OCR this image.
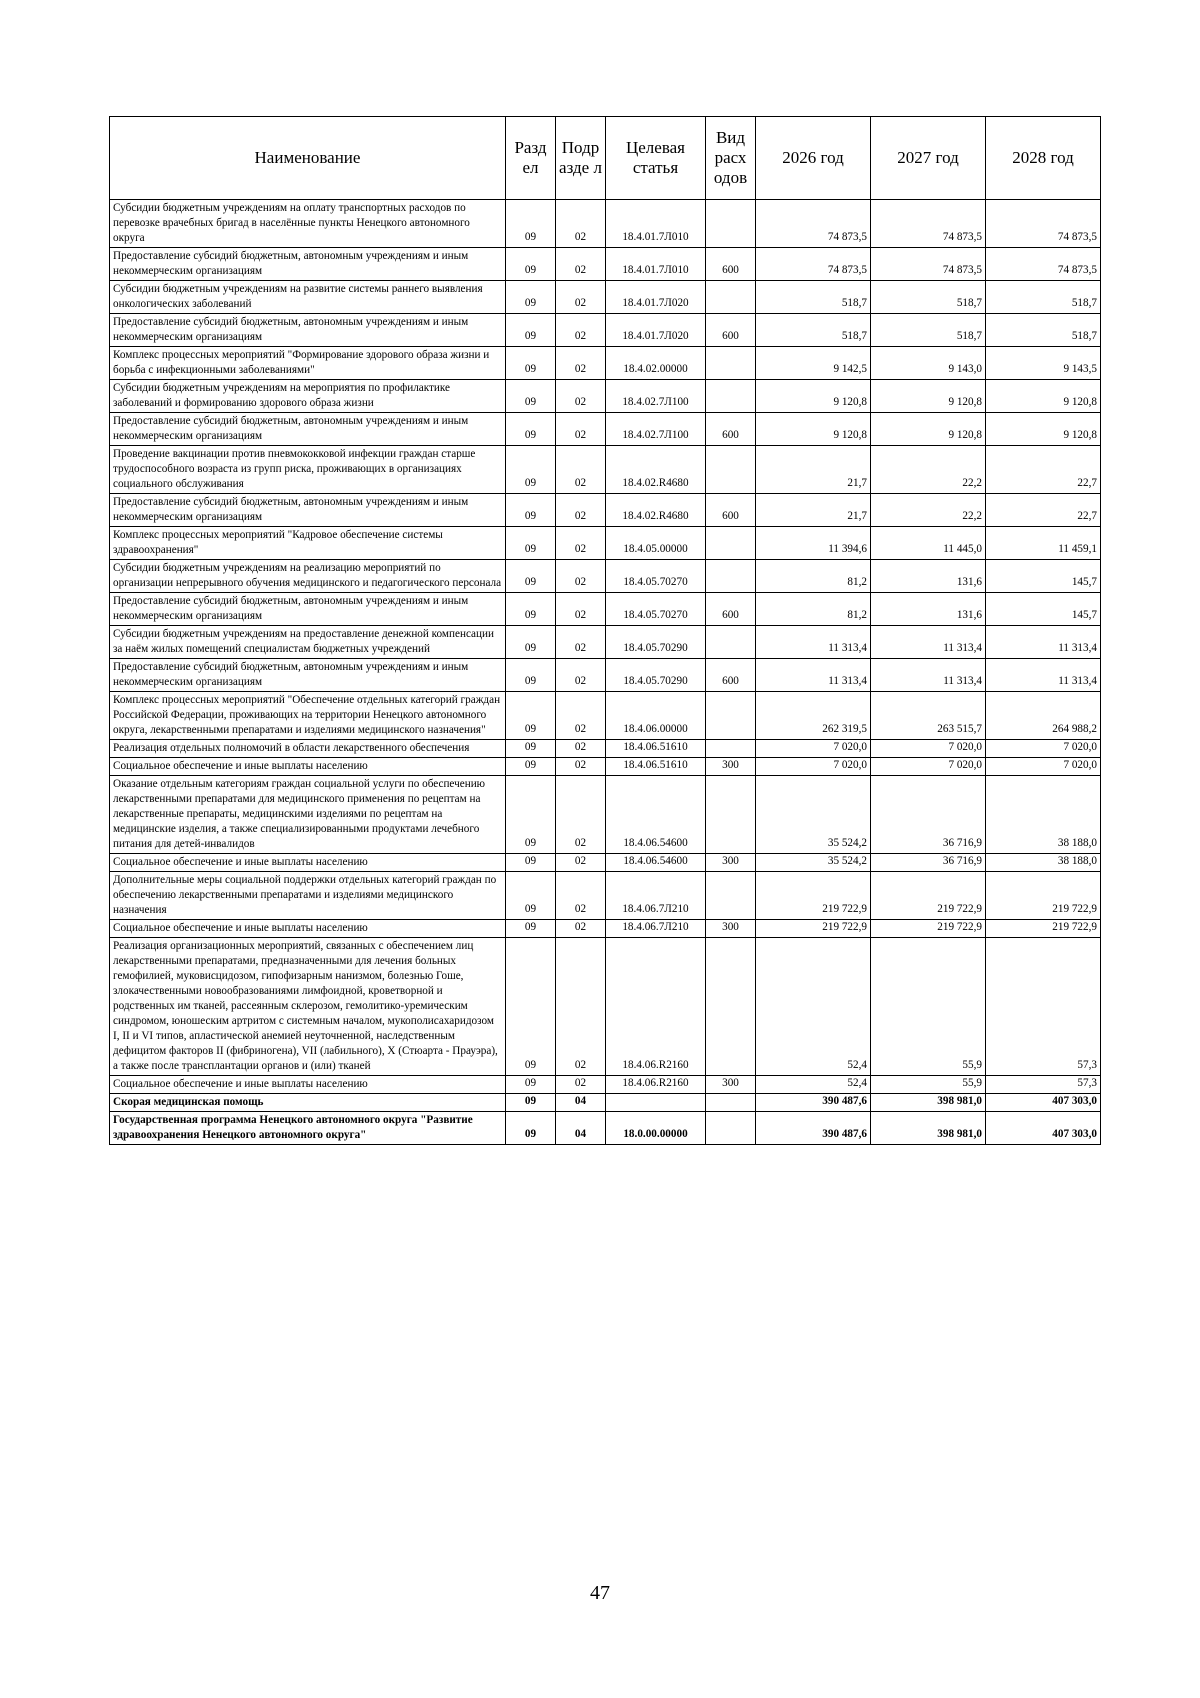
Наименование	Разд ел	Подр азде л	Целевая статья	Вид расх одов	2026 год	2027 год	2028 год
Субсидии бюджетным учреждениям на оплату транспортных расходов по перевозке врачебных бригад в населённые пункты Ненецкого автономного округа	09	02	18.4.01.7Л010		74 873,5	74 873,5	74 873,5
Предоставление субсидий бюджетным, автономным учреждениям и иным некоммерческим организациям	09	02	18.4.01.7Л010	600	74 873,5	74 873,5	74 873,5
Субсидии бюджетным учреждениям на развитие системы раннего выявления онкологических заболеваний	09	02	18.4.01.7Л020		518,7	518,7	518,7
Предоставление субсидий бюджетным, автономным учреждениям и иным некоммерческим организациям	09	02	18.4.01.7Л020	600	518,7	518,7	518,7
Комплекс процессных мероприятий "Формирование здорового образа жизни и борьба с инфекционными заболеваниями"	09	02	18.4.02.00000		9 142,5	9 143,0	9 143,5
Субсидии бюджетным учреждениям на мероприятия по профилактике заболеваний и формированию здорового образа жизни	09	02	18.4.02.7Л100		9 120,8	9 120,8	9 120,8
Предоставление субсидий бюджетным, автономным учреждениям и иным некоммерческим организациям	09	02	18.4.02.7Л100	600	9 120,8	9 120,8	9 120,8
Проведение вакцинации против пневмококковой инфекции граждан старше трудоспособного возраста из групп риска, проживающих в организациях социального обслуживания	09	02	18.4.02.R4680		21,7	22,2	22,7
Предоставление субсидий бюджетным, автономным учреждениям и иным некоммерческим организациям	09	02	18.4.02.R4680	600	21,7	22,2	22,7
Комплекс процессных мероприятий "Кадровое обеспечение системы здравоохранения"	09	02	18.4.05.00000		11 394,6	11 445,0	11 459,1
Субсидии бюджетным учреждениям на реализацию мероприятий по организации непрерывного обучения медицинского и педагогического персонала	09	02	18.4.05.70270		81,2	131,6	145,7
Предоставление субсидий бюджетным, автономным учреждениям и иным некоммерческим организациям	09	02	18.4.05.70270	600	81,2	131,6	145,7
Субсидии бюджетным учреждениям на предоставление денежной компенсации за наём жилых помещений специалистам бюджетных учреждений	09	02	18.4.05.70290		11 313,4	11 313,4	11 313,4
Предоставление субсидий бюджетным, автономным учреждениям и иным некоммерческим организациям	09	02	18.4.05.70290	600	11 313,4	11 313,4	11 313,4
Комплекс процессных мероприятий "Обеспечение отдельных категорий граждан Российской Федерации, проживающих на территории Ненецкого автономного округа, лекарственными препаратами и изделиями медицинского назначения"	09	02	18.4.06.00000		262 319,5	263 515,7	264 988,2
Реализация отдельных полномочий в области лекарственного обеспечения	09	02	18.4.06.51610		7 020,0	7 020,0	7 020,0
Социальное обеспечение и иные выплаты населению	09	02	18.4.06.51610	300	7 020,0	7 020,0	7 020,0
Оказание отдельным категориям граждан социальной услуги по обеспечению лекарственными препаратами для медицинского применения по рецептам на лекарственные препараты, медицинскими изделиями по рецептам на медицинские изделия, а также специализированными продуктами лечебного питания для детей-инвалидов	09	02	18.4.06.54600		35 524,2	36 716,9	38 188,0
Социальное обеспечение и иные выплаты населению	09	02	18.4.06.54600	300	35 524,2	36 716,9	38 188,0
Дополнительные меры социальной поддержки отдельных категорий граждан по обеспечению лекарственными препаратами и изделиями медицинского назначения	09	02	18.4.06.7Л210		219 722,9	219 722,9	219 722,9
Социальное обеспечение и иные выплаты населению	09	02	18.4.06.7Л210	300	219 722,9	219 722,9	219 722,9
Реализация организационных мероприятий, связанных с обеспечением лиц лекарственными препаратами, предназначенными для лечения больных гемофилией, муковисцидозом, гипофизарным нанизмом, болезнью Гоше, злокачественными новообразованиями лимфоидной, кроветворной и родственных им тканей, рассеянным склерозом, гемолитико-уремическим синдромом, юношеским артритом с системным началом, мукополисахаридозом I, II и VI типов, апластической анемией неуточненной, наследственным дефицитом факторов II (фибриногена), VII (лабильного), X (Стюарта - Прауэра), а также после трансплантации органов и (или) тканей	09	02	18.4.06.R2160		52,4	55,9	57,3
Социальное обеспечение и иные выплаты населению	09	02	18.4.06.R2160	300	52,4	55,9	57,3
Скорая медицинская помощь	09	04			390 487,6	398 981,0	407 303,0
Государственная программа Ненецкого автономного округа "Развитие здравоохранения Ненецкого автономного округа"	09	04	18.0.00.00000		390 487,6	398 981,0	407 303,0
47
